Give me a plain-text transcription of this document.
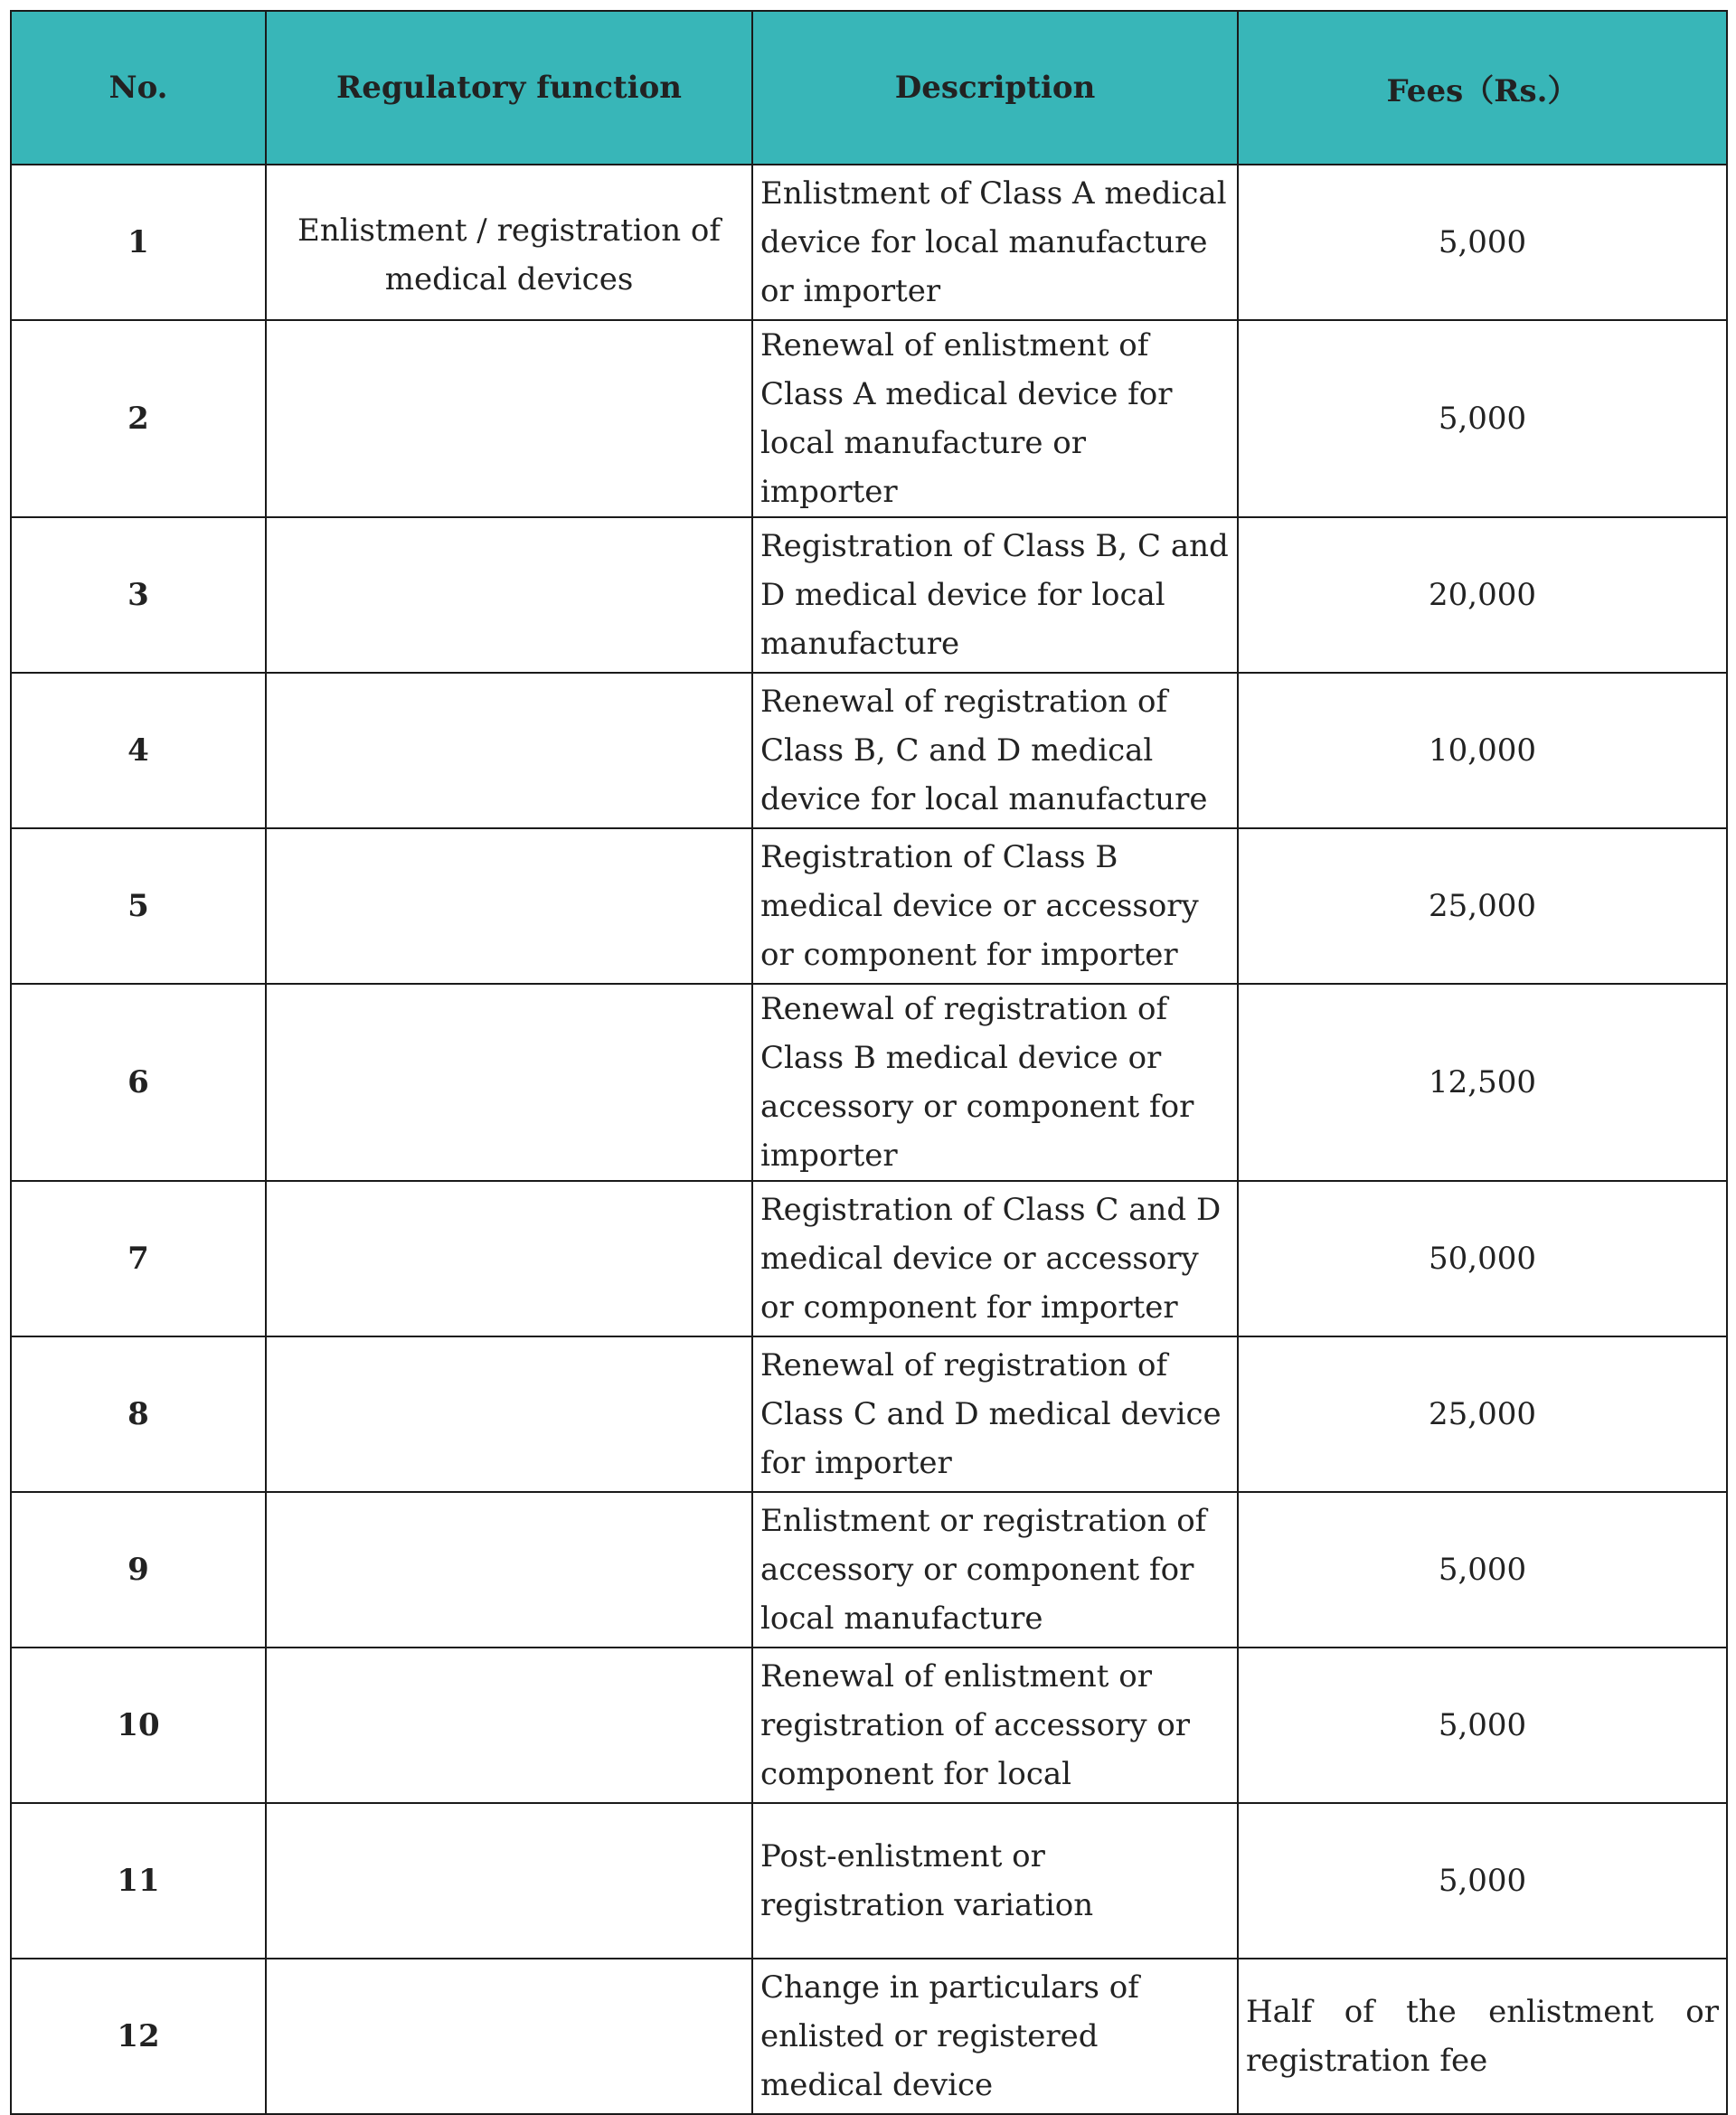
No.	Regulatory function	Description	Fees（Rs.）
1	Enlistment / registration of medical devices	Enlistment of Class A medical device for local manufacture or importer	5,000
2		Renewal of enlistment of Class A medical device for local manufacture or importer	5,000
3		Registration of Class B, C and D medical device for local manufacture	20,000
4		Renewal of registration of Class B, C and D medical device for local manufacture	10,000
5		Registration of Class B medical device or accessory or component for importer	25,000
6		Renewal of registration of Class B medical device or accessory or component for importer	12,500
7		Registration of Class C and D medical device or accessory or component for importer	50,000
8		Renewal of registration of Class C and D medical device for importer	25,000
9		Enlistment or registration of accessory or component for local manufacture	5,000
10		Renewal of enlistment or registration of accessory or component for local	5,000
11		Post-enlistment or registration variation	5,000
12		Change in particulars of enlisted or registered medical device	Half of the enlistment or registration fee
